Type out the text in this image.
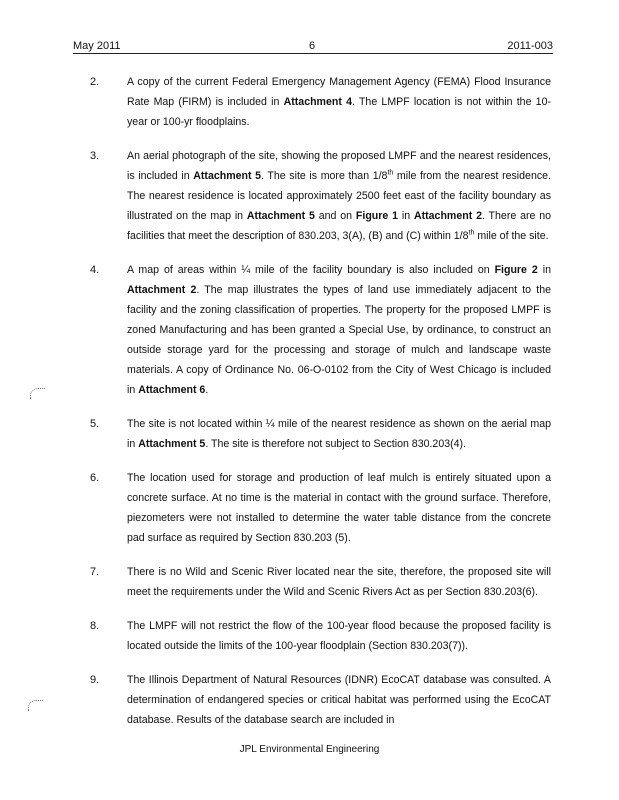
May 2011	6	2011-003
2.	A copy of the current Federal Emergency Management Agency (FEMA) Flood Insurance Rate Map (FIRM) is included in Attachment 4. The LMPF location is not within the 10-year or 100-yr floodplains.
3.	An aerial photograph of the site, showing the proposed LMPF and the nearest residences, is included in Attachment 5. The site is more than 1/8th mile from the nearest residence. The nearest residence is located approximately 2500 feet east of the facility boundary as illustrated on the map in Attachment 5 and on Figure 1 in Attachment 2. There are no facilities that meet the description of 830.203, 3(A), (B) and (C) within 1/8th mile of the site.
4.	A map of areas within ¼ mile of the facility boundary is also included on Figure 2 in Attachment 2. The map illustrates the types of land use immediately adjacent to the facility and the zoning classification of properties. The property for the proposed LMPF is zoned Manufacturing and has been granted a Special Use, by ordinance, to construct an outside storage yard for the processing and storage of mulch and landscape waste materials. A copy of Ordinance No. 06-O-0102 from the City of West Chicago is included in Attachment 6.
5.	The site is not located within ¼ mile of the nearest residence as shown on the aerial map in Attachment 5. The site is therefore not subject to Section 830.203(4).
6.	The location used for storage and production of leaf mulch is entirely situated upon a concrete surface. At no time is the material in contact with the ground surface. Therefore, piezometers were not installed to determine the water table distance from the concrete pad surface as required by Section 830.203 (5).
7.	There is no Wild and Scenic River located near the site, therefore, the proposed site will meet the requirements under the Wild and Scenic Rivers Act as per Section 830.203(6).
8.	The LMPF will not restrict the flow of the 100-year flood because the proposed facility is located outside the limits of the 100-year floodplain (Section 830.203(7)).
9.	The Illinois Department of Natural Resources (IDNR) EcoCAT database was consulted. A determination of endangered species or critical habitat was performed using the EcoCAT database. Results of the database search are included in
JPL Environmental Engineering
